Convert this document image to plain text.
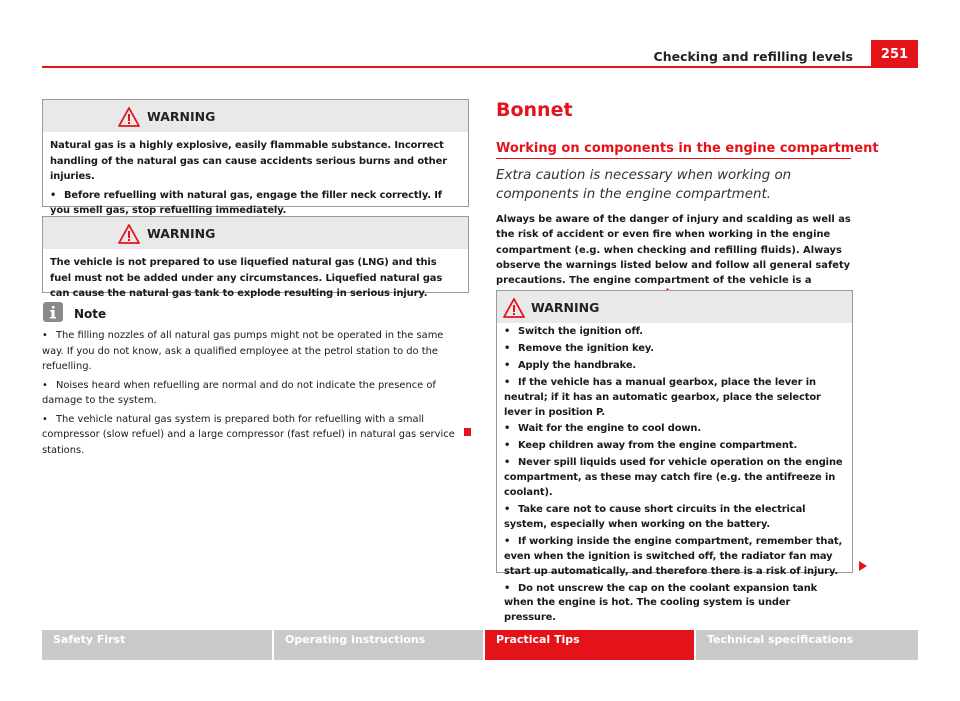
Checking and refilling levels	251
WARNING

Natural gas is a highly explosive, easily flammable substance. Incorrect handling of the natural gas can cause accidents serious burns and other injuries.

• Before refuelling with natural gas, engage the filler neck correctly. If you smell gas, stop refuelling immediately.

WARNING

The vehicle is not prepared to use liquefied natural gas (LNG) and this fuel must not be added under any circumstances. Liquefied natural gas can cause the natural gas tank to explode resulting in serious injury.

Note

• The filling nozzles of all natural gas pumps might not be operated in the same way. If you do not know, ask a qualified employee at the petrol station to do the refuelling.

• Noises heard when refuelling are normal and do not indicate the presence of damage to the system.

• The vehicle natural gas system is prepared both for refuelling with a small compressor (slow refuel) and a large compressor (fast refuel) in natural gas service stations.

Bonnet
Working on components in the engine compartment
Extra caution is necessary when working on components in the engine compartment.
Always be aware of the danger of injury and scalding as well as the risk of accident or even fire when working in the engine compartment (e.g. when checking and refilling fluids). Always observe the warnings listed below and follow all general safety precautions. The engine compartment of the vehicle is a
WARNING

• Switch the ignition off.

• Remove the ignition key.

• Apply the handbrake.

• If the vehicle has a manual gearbox, place the lever in neutral; if it has an automatic gearbox, place the selector lever in position P.

• Wait for the engine to cool down.

• Keep children away from the engine compartment.

• Never spill liquids used for vehicle operation on the engine compartment, as these may catch fire (e.g. the antifreeze in coolant).

• Take care not to cause short circuits in the electrical system, especially when working on the battery.

• If working inside the engine compartment, remember that, even when the ignition is switched off, the radiator fan may start up automatically, and therefore there is a risk of injury.

• Do not unscrew the cap on the coolant expansion tank when the engine is hot. The cooling system is under pressure.

Safety First	Operating instructions	Practical Tips	Technical specifications
